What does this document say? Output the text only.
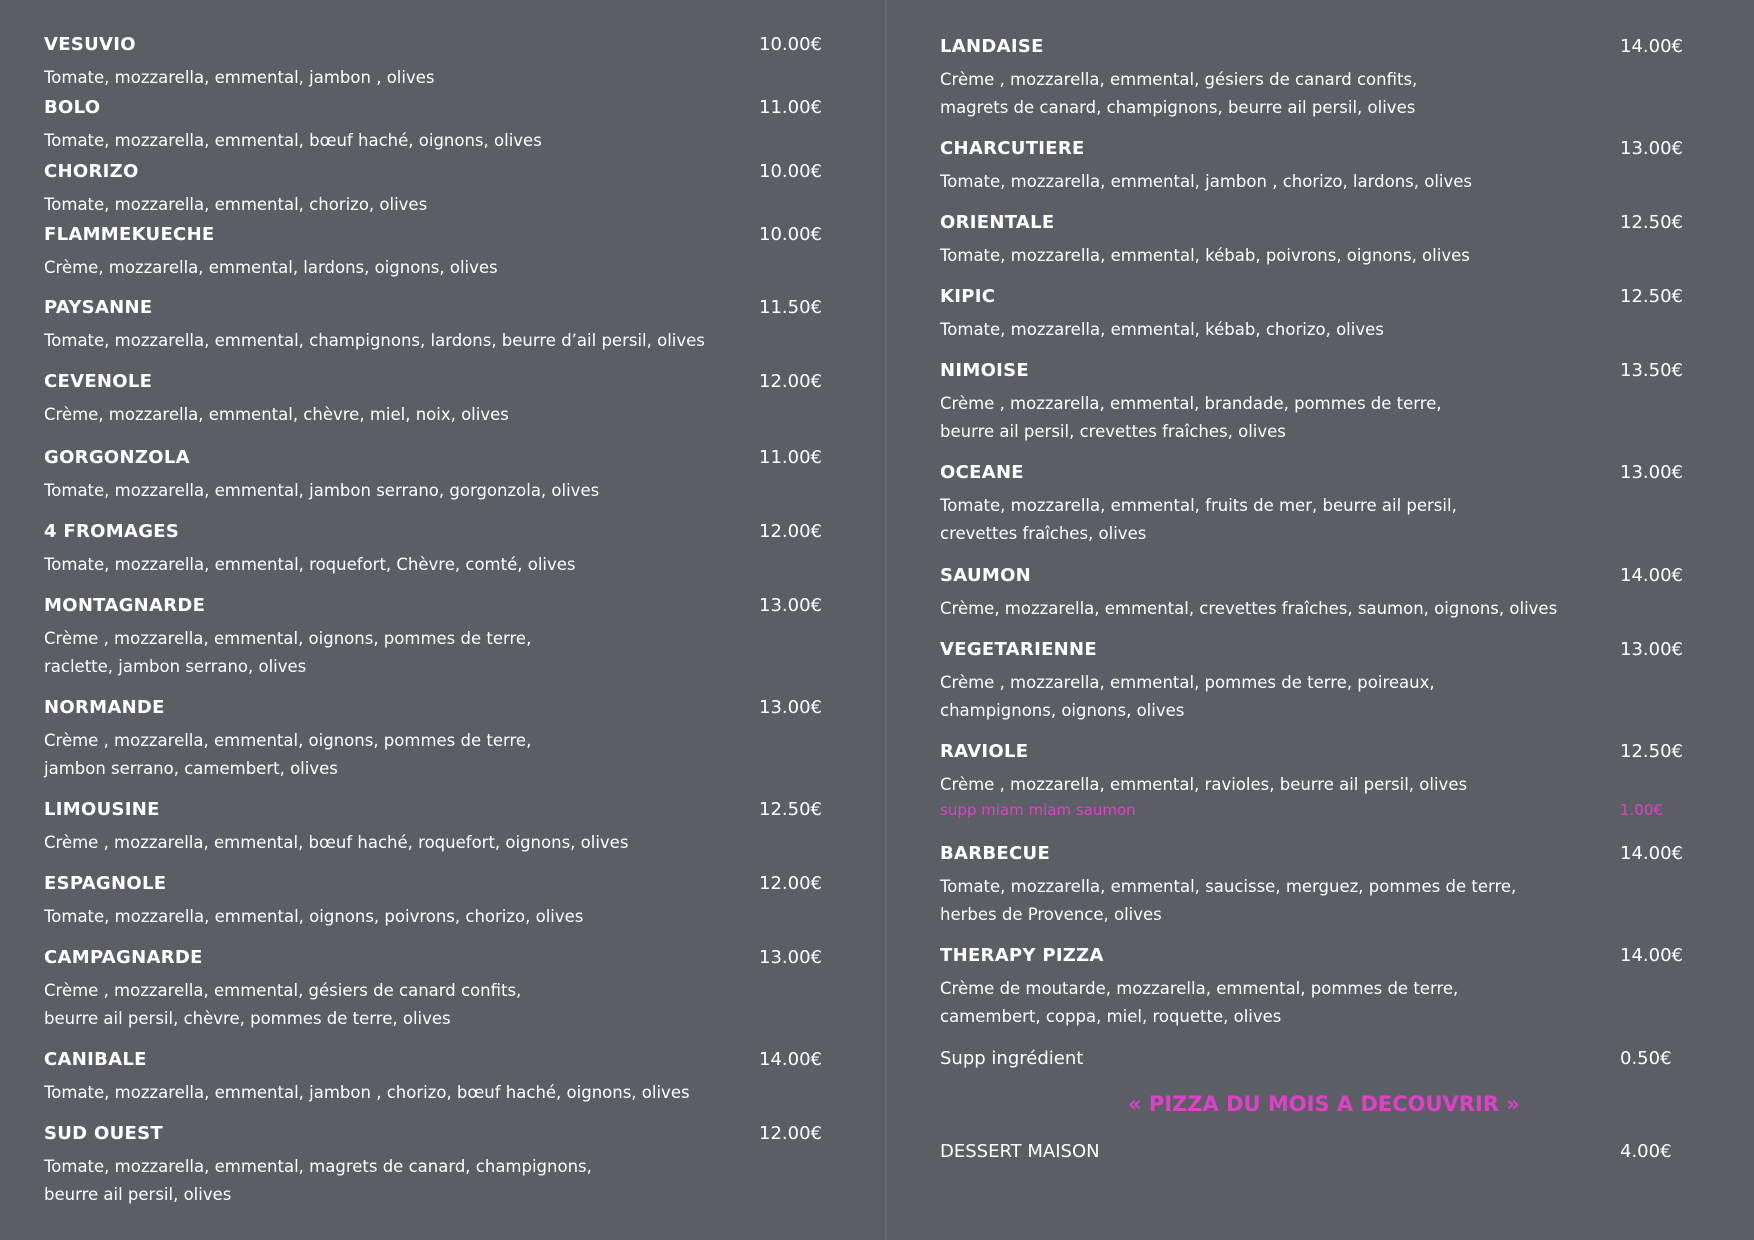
VESUVIO	10.00€
Tomate, mozzarella, emmental, jambon , olives
BOLO	11.00€
Tomate, mozzarella, emmental, bœuf haché, oignons, olives
CHORIZO	10.00€
Tomate, mozzarella, emmental, chorizo, olives
FLAMMEKUECHE	10.00€
Crème, mozzarella, emmental, lardons, oignons, olives
PAYSANNE	11.50€
Tomate, mozzarella, emmental, champignons, lardons, beurre d’ail persil, olives
CEVENOLE	12.00€
Crème, mozzarella, emmental, chèvre, miel, noix, olives
GORGONZOLA	11.00€
Tomate, mozzarella, emmental, jambon serrano, gorgonzola, olives
4 FROMAGES	12.00€
Tomate, mozzarella, emmental, roquefort, Chèvre, comté, olives
MONTAGNARDE	13.00€
Crème , mozzarella, emmental, oignons, pommes de terre,
raclette, jambon serrano, olives
NORMANDE	13.00€
Crème , mozzarella, emmental, oignons, pommes de terre,
jambon serrano, camembert, olives
LIMOUSINE	12.50€
Crème , mozzarella, emmental, bœuf haché, roquefort, oignons, olives
ESPAGNOLE	12.00€
Tomate, mozzarella, emmental, oignons, poivrons, chorizo, olives
CAMPAGNARDE	13.00€
Crème , mozzarella, emmental, gésiers de canard confits,
beurre ail persil, chèvre, pommes de terre, olives
CANIBALE	14.00€
Tomate, mozzarella, emmental, jambon , chorizo, bœuf haché, oignons, olives
SUD OUEST	12.00€
Tomate, mozzarella, emmental, magrets de canard, champignons,
beurre ail persil, olives
LANDAISE	14.00€
Crème , mozzarella, emmental, gésiers de canard confits,
magrets de canard, champignons, beurre ail persil, olives
CHARCUTIERE	13.00€
Tomate, mozzarella, emmental, jambon , chorizo, lardons, olives
ORIENTALE	12.50€
Tomate, mozzarella, emmental, kébab, poivrons, oignons, olives
KIPIC	12.50€
Tomate, mozzarella, emmental, kébab, chorizo, olives
NIMOISE	13.50€
Crème , mozzarella, emmental, brandade, pommes de terre,
beurre ail persil, crevettes fraîches, olives
OCEANE	13.00€
Tomate, mozzarella, emmental, fruits de mer, beurre ail persil,
crevettes fraîches, olives
SAUMON	14.00€
Crème, mozzarella, emmental, crevettes fraîches, saumon, oignons, olives
VEGETARIENNE	13.00€
Crème , mozzarella, emmental, pommes de terre, poireaux,
champignons, oignons, olives
RAVIOLE	12.50€
Crème , mozzarella, emmental, ravioles, beurre ail persil, olives
supp miam miam saumon	1.00€
BARBECUE	14.00€
Tomate, mozzarella, emmental, saucisse, merguez, pommes de terre,
herbes de Provence, olives
THERAPY PIZZA	14.00€
Crème de moutarde, mozzarella, emmental, pommes de terre,
camembert, coppa, miel, roquette, olives
Supp ingrédient	0.50€
« PIZZA DU MOIS A DECOUVRIR »
DESSERT MAISON	4.00€
